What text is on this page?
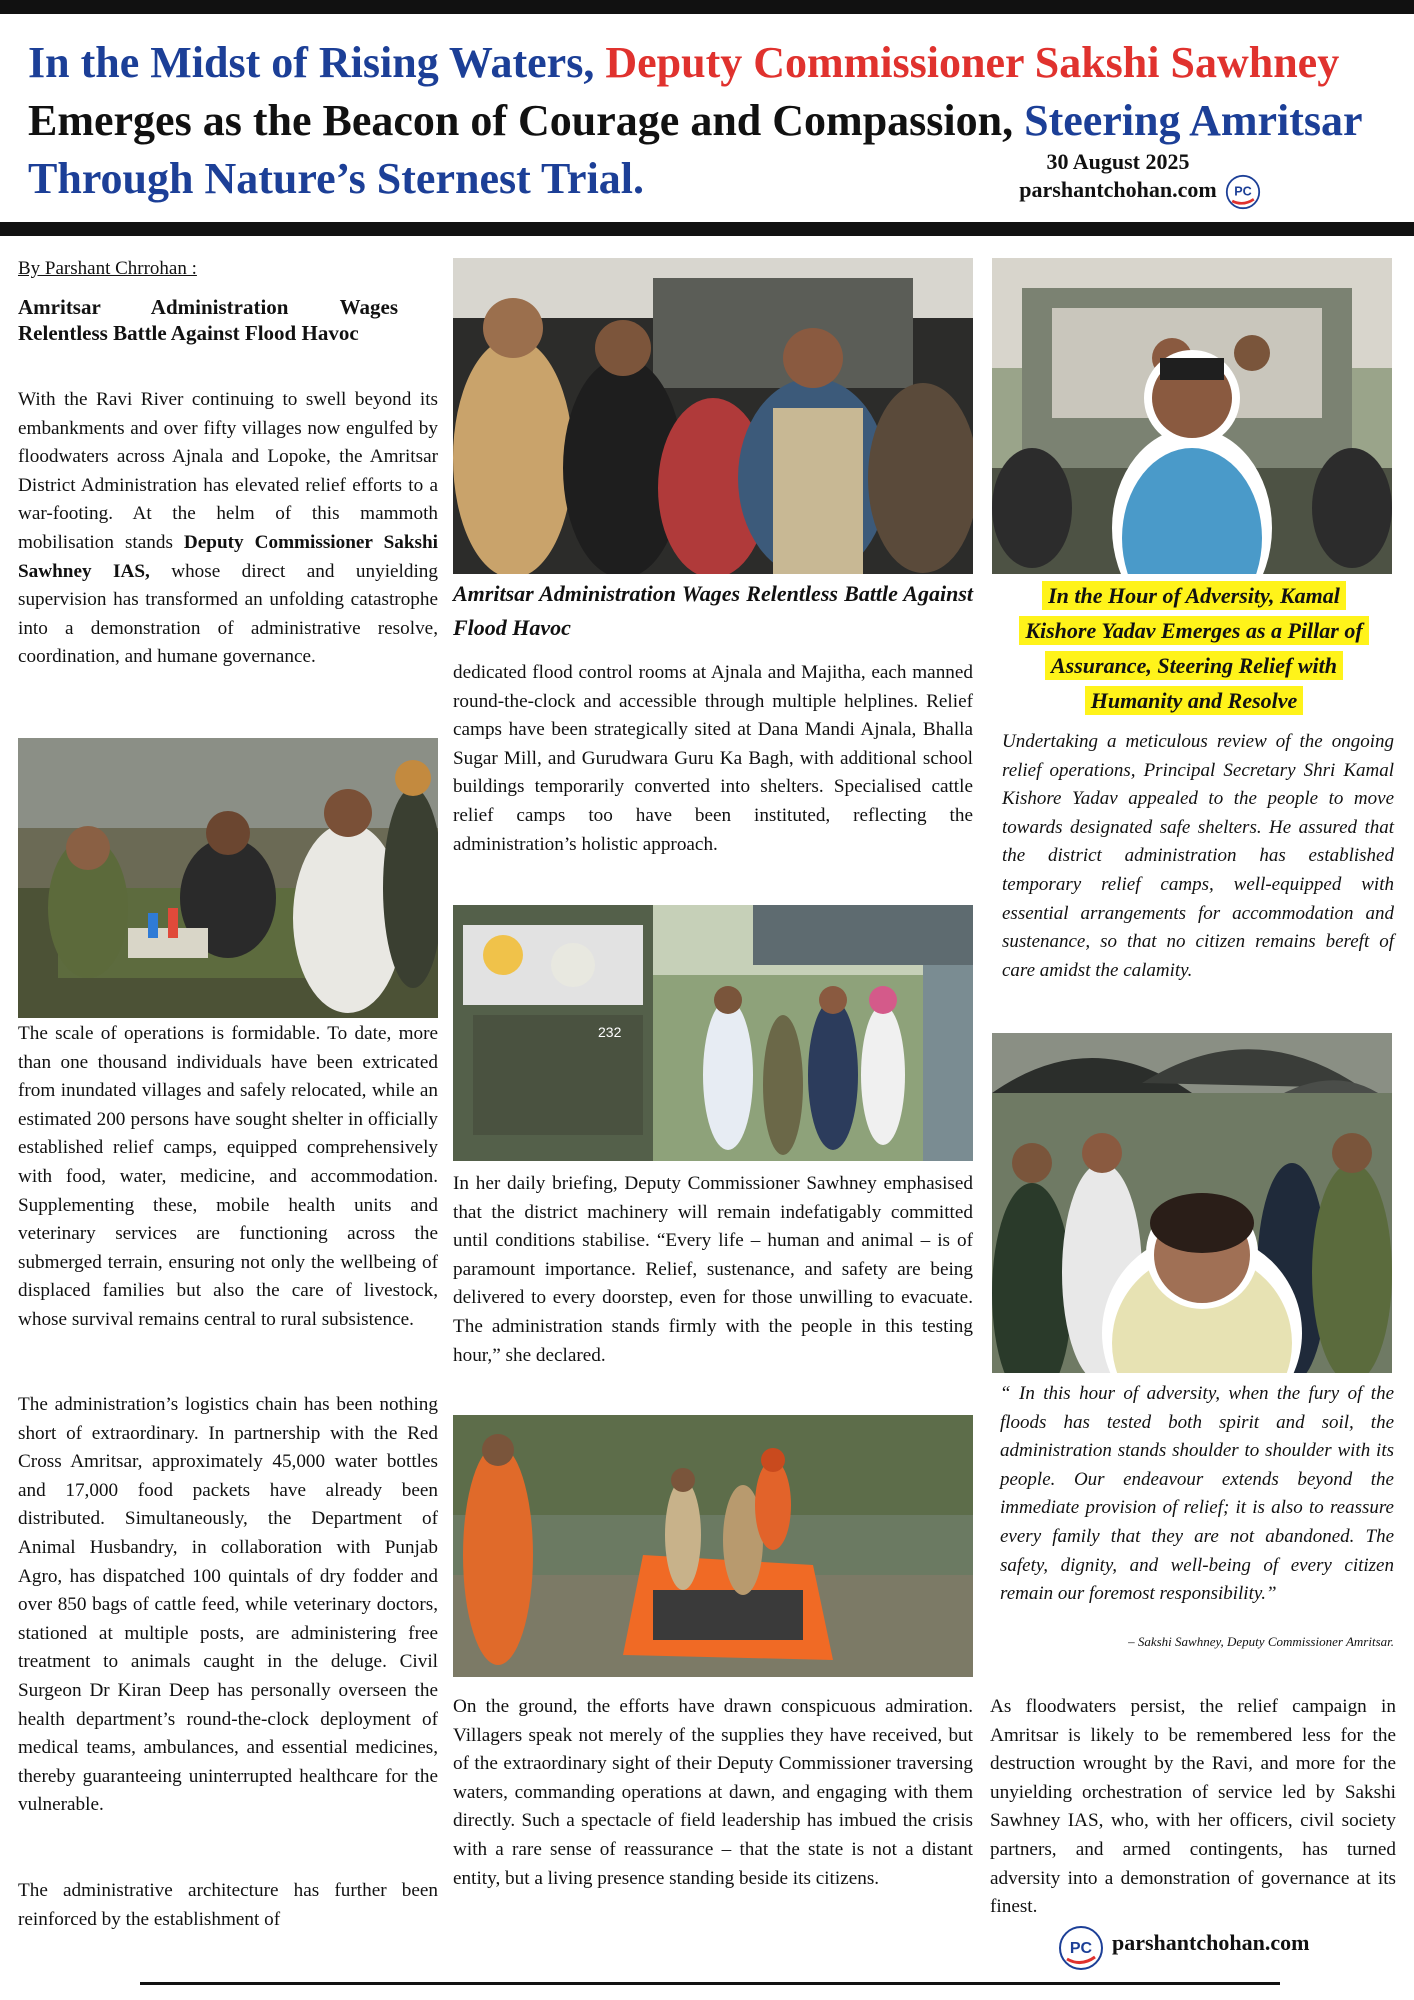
In the Midst of Rising Waters, Deputy Commissioner Sakshi Sawhney
Emerges as the Beacon of Courage and Compassion, Steering Amritsar
Through Nature’s Sternest Trial.	30 August 2025
parshantchohan.com	PC
By Parshant Chrrohan :
Amritsar Administration Wages Relentless Battle Against Flood Havoc
With the Ravi River continuing to swell beyond its embankments and over fifty villages now engulfed by floodwaters across Ajnala and Lopoke, the Amritsar District Administration has elevated relief efforts to a war-footing. At the helm of this mammoth mobilisation stands Deputy Commissioner Sakshi Sawhney IAS, whose direct and unyielding supervision has transformed an unfolding catastrophe into a demonstration of administrative resolve, coordination, and humane governance.
The scale of operations is formidable. To date, more than one thousand individuals have been extricated from inundated villages and safely relocated, while an estimated 200 persons have sought shelter in officially established relief camps, equipped comprehensively with food, water, medicine, and accommodation. Supplementing these, mobile health units and veterinary services are functioning across the submerged terrain, ensuring not only the wellbeing of displaced families but also the care of livestock, whose survival remains central to rural subsistence.
The administration’s logistics chain has been nothing short of extraordinary. In partnership with the Red Cross Amritsar, approximately 45,000 water bottles and 17,000 food packets have already been distributed. Simultaneously, the Department of Animal Husbandry, in collaboration with Punjab Agro, has dispatched 100 quintals of dry fodder and over 850 bags of cattle feed, while veterinary doctors, stationed at multiple posts, are administering free treatment to animals caught in the deluge. Civil Surgeon Dr Kiran Deep has personally overseen the health department’s round-the-clock deployment of medical teams, ambulances, and essential medicines, thereby guaranteeing uninterrupted healthcare for the vulnerable.
The administrative architecture has further been reinforced by the establishment of
Amritsar Administration Wages Relentless Battle Against Flood Havoc
dedicated flood control rooms at Ajnala and Majitha, each manned round-the-clock and accessible through multiple helplines. Relief camps have been strategically sited at Dana Mandi Ajnala, Bhalla Sugar Mill, and Gurudwara Guru Ka Bagh, with additional school buildings temporarily converted into shelters. Specialised cattle relief camps too have been instituted, reflecting the administration’s holistic approach.
232
In her daily briefing, Deputy Commissioner Sawhney emphasised that the district machinery will remain indefatigably committed until conditions stabilise. “Every life – human and animal – is of paramount importance. Relief, sustenance, and safety are being delivered to every doorstep, even for those unwilling to evacuate. The administration stands firmly with the people in this testing hour,” she declared.
On the ground, the efforts have drawn conspicuous admiration. Villagers speak not merely of the supplies they have received, but of the extraordinary sight of their Deputy Commissioner traversing waters, commanding operations at dawn, and engaging with them directly. Such a spectacle of field leadership has imbued the crisis with a rare sense of reassurance – that the state is not a distant entity, but a living presence standing beside its citizens.
In the Hour of Adversity, Kamal
Kishore Yadav Emerges as a Pillar of
Assurance, Steering Relief with
Humanity and Resolve
Undertaking a meticulous review of the ongoing relief operations, Principal Secretary Shri Kamal Kishore Yadav appealed to the people to move towards designated safe shelters. He assured that the district administration has established temporary relief camps, well-equipped with essential arrangements for accommodation and sustenance, so that no citizen remains bereft of care amidst the calamity.
“ In this hour of adversity, when the fury of the floods has tested both spirit and soil, the administration stands shoulder to shoulder with its people. Our endeavour extends beyond the immediate provision of relief; it is also to reassure every family that they are not abandoned. The safety, dignity, and well-being of every citizen remain our foremost responsibility.”
– Sakshi Sawhney, Deputy Commissioner Amritsar.
As floodwaters persist, the relief campaign in Amritsar is likely to be remembered less for the destruction wrought by the Ravi, and more for the unyielding orchestration of service led by Sakshi Sawhney IAS, who, with her officers, civil society partners, and armed contingents, has turned adversity into a demonstration of governance at its finest.
PC parshantchohan.com
